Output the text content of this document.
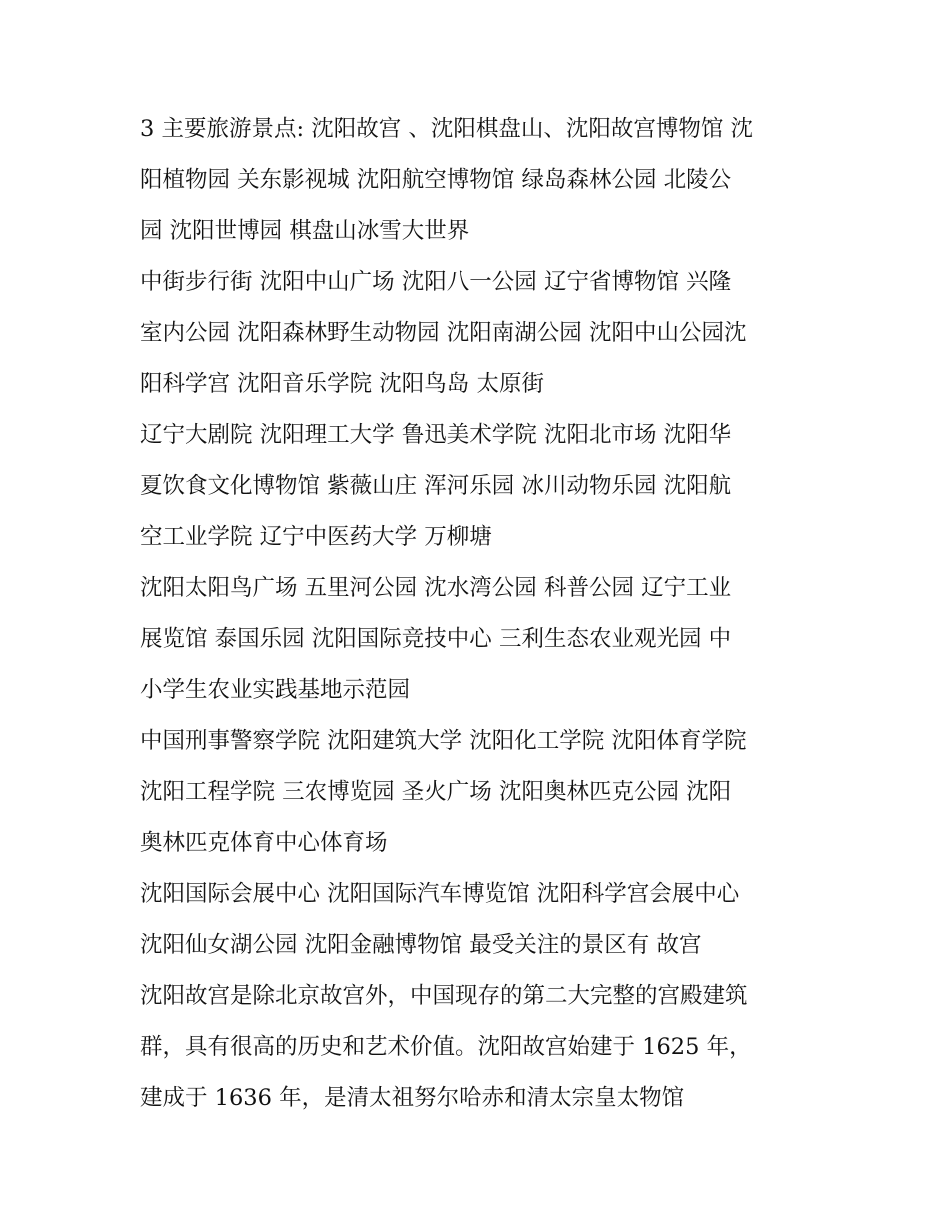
3 主要旅游景点: 沈阳故宫 、沈阳棋盘山、沈阳故宫博物馆 沈
阳植物园 关东影视城 沈阳航空博物馆 绿岛森林公园 北陵公
园 沈阳世博园 棋盘山冰雪大世界
中街步行街 沈阳中山广场 沈阳八一公园 辽宁省博物馆 兴隆
室内公园 沈阳森林野生动物园 沈阳南湖公园 沈阳中山公园沈
阳科学宫 沈阳音乐学院 沈阳鸟岛 太原街
辽宁大剧院 沈阳理工大学 鲁迅美术学院 沈阳北市场 沈阳华
夏饮食文化博物馆 紫薇山庄 浑河乐园 冰川动物乐园 沈阳航
空工业学院 辽宁中医药大学 万柳塘
沈阳太阳鸟广场 五里河公园 沈水湾公园 科普公园 辽宁工业
展览馆 泰国乐园 沈阳国际竞技中心 三利生态农业观光园 中
小学生农业实践基地示范园
中国刑事警察学院 沈阳建筑大学 沈阳化工学院 沈阳体育学院
沈阳工程学院 三农博览园 圣火广场 沈阳奥林匹克公园 沈阳
奥林匹克体育中心体育场
沈阳国际会展中心 沈阳国际汽车博览馆 沈阳科学宫会展中心
沈阳仙女湖公园 沈阳金融博物馆 最受关注的景区有 故宫
沈阳故宫是除北京故宫外，中国现存的第二大完整的宫殿建筑
群，具有很高的历史和艺术价值。沈阳故宫始建于 1625 年，
建成于 1636 年，是清太祖努尔哈赤和清太宗皇太物馆
